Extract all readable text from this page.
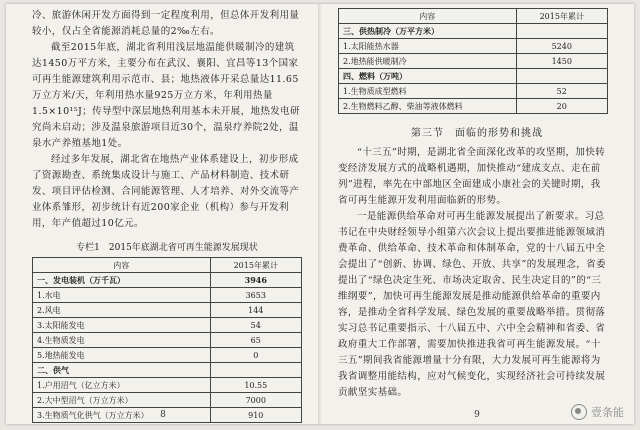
冷、旅游休闲开发方面得到一定程度利用，但总体开发利用量较小，仅占全省能源消耗总量的2‰左右。

截至2015年底，湖北省利用浅层地温能供暖制冷的建筑达1450万平方米，主要分布在武汉、襄阳、宜昌等13个国家可再生能源建筑利用示范市、县；地热液体开采总量达11.65万立方米/天，年利用热水量925万立方米，年利用热量1.5×10¹⁵J；传导型中深层地热利用基本未开展，地热发电研究尚未启动；涉及温泉旅游项目近30个，温泉疗养院2处，温泉水产养殖基地1处。

经过多年发展，湖北省在地热产业体系建设上，初步形成了资源勘查、系统集成设计与施工、产品材料制造、技术研发、项目评估检测、合同能源管理、人才培养、对外交流等产业体系雏形，初步统计有近200家企业（机构）参与开发利用，年产值超过10亿元。

专栏1　2015年底湖北省可再生能源发展现状
内容	2015年累计
一、发电装机（万千瓦）	3946
1.水电	3653
2.风电	144
3.太阳能发电	54
4.生物质发电	65
5.地热能发电	0
二、供气	
1.户用沼气（亿立方米）	10.55
2.大中型沼气（万立方米）	7000
3.生物质气化供气（万立方米）	910
8
内容	2015年累计
三、供热制冷（万平方米）	
1.太阳能热水器	5240
2.地热能供暖制冷	1450
四、燃料（万吨）	
1.生物质成型燃料	52
2.生物燃料乙醇、柴油等液体燃料	20
第三节　面临的形势和挑战

“十三五”时期，是湖北省全面深化改革的攻坚期，加快转变经济发展方式的战略机遇期，加快推动“建成支点、走在前列”进程，率先在中部地区全面建成小康社会的关键时期，我省可再生能源开发利用面临新的形势。

一是能源供给革命对可再生能源发展提出了新要求。习总书记在中央财经领导小组第六次会议上提出要推进能源领域消费革命、供给革命、技术革命和体制革命，党的十八届五中全会提出了“创新、协调、绿色、开放、共享”的发展理念，省委提出了“绿色决定生死、市场决定取舍、民生决定目的”的“三维纲要”，加快可再生能源发展是推动能源供给革命的重要内容，是推动全省科学发展、绿色发展的重要战略举措。贯彻落实习总书记重要指示、十八届五中、六中全会精神和省委、省政府重大工作部署，需要加快推进我省可再生能源发展。“十三五”期间我省能源增量十分有限，大力发展可再生能源将为我省调整用能结构，应对气候变化，实现经济社会可持续发展贡献坚实基础。

9	壹条能
